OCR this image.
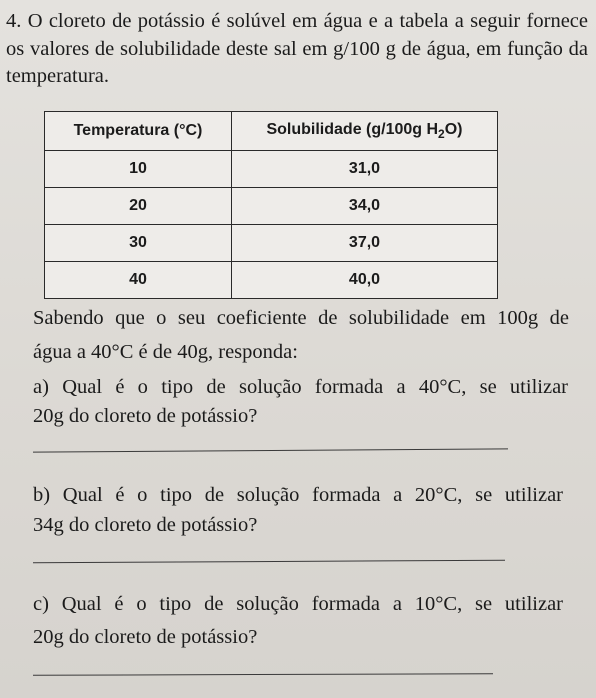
4. O cloreto de potássio é solúvel em água e a tabela a seguir fornece os valores de solubilidade deste sal em g/100 g de água, em função da temperatura.

Temperatura (°C)	Solubilidade (g/100g $H_2O$)
10	31,0
20	34,0
30	37,0
40	40,0

Sabendo que o seu coeficiente de solubilidade em 100g de

água a 40°C é de 40g, responda:

a) Qual é o tipo de solução formada a 40°C, se utilizar

20g do cloreto de potássio?

b) Qual é o tipo de solução formada a 20°C, se utilizar

34g do cloreto de potássio?

c) Qual é o tipo de solução formada a 10°C, se utilizar

20g do cloreto de potássio?
